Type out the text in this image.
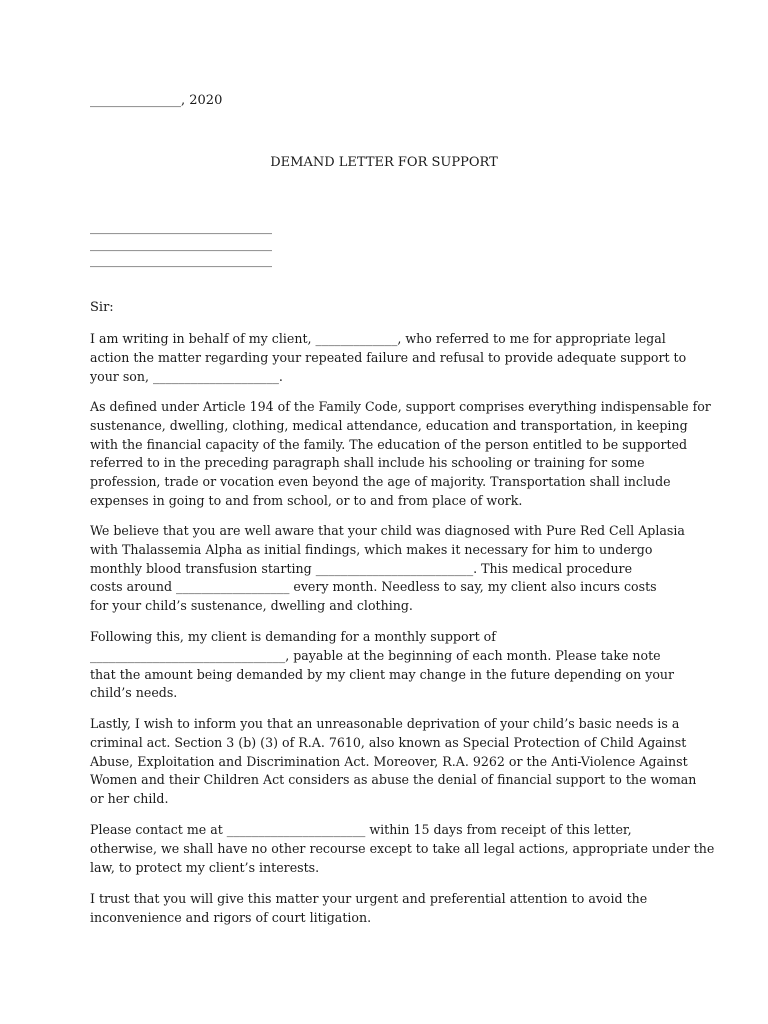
______________, 2020
DEMAND LETTER FOR SUPPORT
____________________________
____________________________
____________________________
Sir:

I am writing in behalf of my client, _____________, who referred to me for appropriate legal
action the matter regarding your repeated failure and refusal to provide adequate support to
your son, ____________________.

As defined under Article 194 of the Family Code, support comprises everything indispensable for
sustenance, dwelling, clothing, medical attendance, education and transportation, in keeping
with the financial capacity of the family. The education of the person entitled to be supported
referred to in the preceding paragraph shall include his schooling or training for some
profession, trade or vocation even beyond the age of majority. Transportation shall include
expenses in going to and from school, or to and from place of work.

We believe that you are well aware that your child was diagnosed with Pure Red Cell Aplasia
with Thalassemia Alpha as initial findings, which makes it necessary for him to undergo
monthly blood transfusion starting _________________________. This medical procedure
costs around __________________ every month. Needless to say, my client also incurs costs
for your child’s sustenance, dwelling and clothing.

Following this, my client is demanding for a monthly support of
_______________________________, payable at the beginning of each month. Please take note
that the amount being demanded by my client may change in the future depending on your
child’s needs.

Lastly, I wish to inform you that an unreasonable deprivation of your child’s basic needs is a
criminal act. Section 3 (b) (3) of R.A. 7610, also known as Special Protection of Child Against
Abuse, Exploitation and Discrimination Act. Moreover, R.A. 9262 or the Anti-Violence Against
Women and their Children Act considers as abuse the denial of financial support to the woman
or her child.

Please contact me at ______________________ within 15 days from receipt of this letter,
otherwise, we shall have no other recourse except to take all legal actions, appropriate under the
law, to protect my client’s interests.

I trust that you will give this matter your urgent and preferential attention to avoid the
inconvenience and rigors of court litigation.
